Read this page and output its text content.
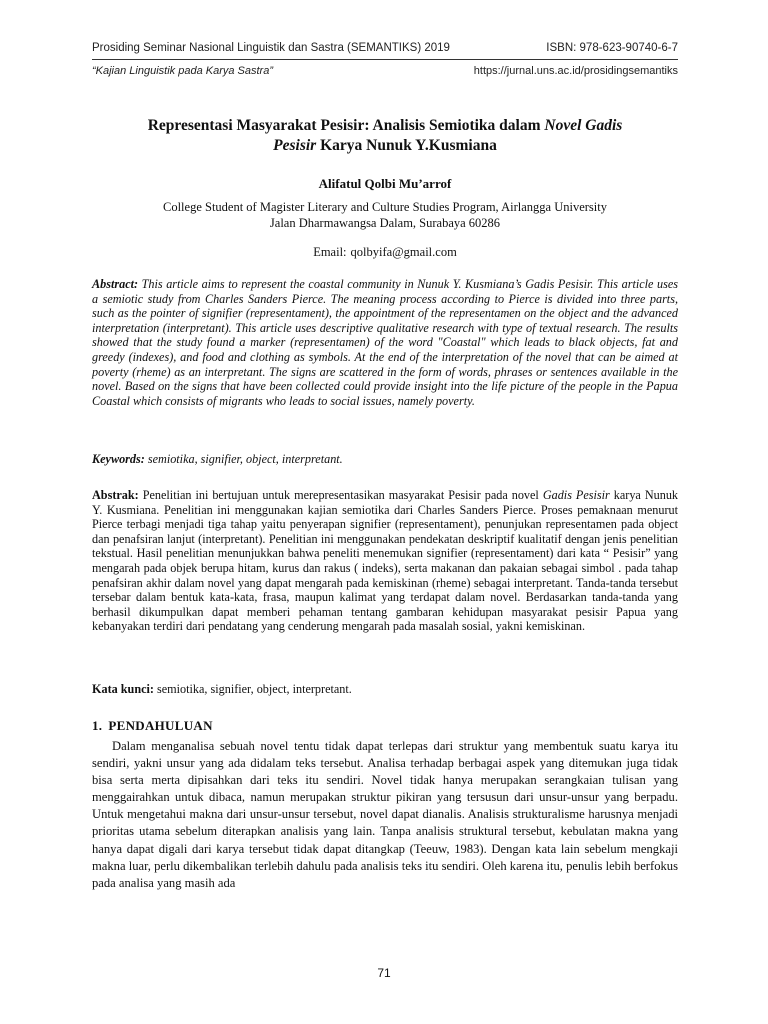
Prosiding Seminar Nasional Linguistik dan Sastra (SEMANTIKS) 2019	ISBN: 978-623-90740-6-7
“Kajian Linguistik pada Karya Sastra”	https://jurnal.uns.ac.id/prosidingsemantiks
Representasi Masyarakat Pesisir: Analisis Semiotika dalam Novel Gadis
Pesisir Karya Nunuk Y.Kusmiana
Alifatul Qolbi Mu’arrof
College Student of Magister Literary and Culture Studies Program, Airlangga University
Jalan Dharmawangsa Dalam, Surabaya 60286
Email: qolbyifa@gmail.com

Abstract: This article aims to represent the coastal community in Nunuk Y. Kusmiana’s Gadis Pesisir. This article uses a semiotic study from Charles Sanders Pierce. The meaning process according to Pierce is divided into three parts, such as the pointer of signifier (representament), the appointment of the representamen on the object and the advanced interpretation (interpretant). This article uses descriptive qualitative research with type of textual research. The results showed that the study found a marker (representamen) of the word "Coastal" which leads to black objects, fat and greedy (indexes), and food and clothing as symbols. At the end of the interpretation of the novel that can be aimed at poverty (rheme) as an interpretant. The signs are scattered in the form of words, phrases or sentences available in the novel. Based on the signs that have been collected could provide insight into the life picture of the people in the Papua Coastal which consists of migrants who leads to social issues, namely poverty.

Keywords: semiotika, signifier, object, interpretant.

Abstrak: Penelitian ini bertujuan untuk merepresentasikan masyarakat Pesisir pada novel Gadis Pesisir karya Nunuk Y. Kusmiana. Penelitian ini menggunakan kajian semiotika dari Charles Sanders Pierce. Proses pemaknaan menurut Pierce terbagi menjadi tiga tahap yaitu penyerapan signifier (representament), penunjukan representamen pada object dan penafsiran lanjut (interpretant). Penelitian ini menggunakan pendekatan deskriptif kualitatif dengan jenis penelitian tekstual. Hasil penelitian menunjukkan bahwa peneliti menemukan signifier (representament) dari kata “ Pesisir” yang mengarah pada objek berupa hitam, kurus dan rakus ( indeks), serta makanan dan pakaian sebagai simbol . pada tahap penafsiran akhir dalam novel yang dapat mengarah pada kemiskinan (rheme) sebagai interpretant. Tanda-tanda tersebut tersebar dalam bentuk kata-kata, frasa, maupun kalimat yang terdapat dalam novel. Berdasarkan tanda-tanda yang berhasil dikumpulkan dapat memberi pehaman tentang gambaran kehidupan masyarakat pesisir Papua yang kebanyakan terdiri dari pendatang yang cenderung mengarah pada masalah sosial, yakni kemiskinan.

Kata kunci: semiotika, signifier, object, interpretant.

1. PENDAHULUAN

Dalam menganalisa sebuah novel tentu tidak dapat terlepas dari struktur yang membentuk suatu karya itu sendiri, yakni unsur yang ada didalam teks tersebut. Analisa terhadap berbagai aspek yang ditemukan juga tidak bisa serta merta dipisahkan dari teks itu sendiri. Novel tidak hanya merupakan serangkaian tulisan yang menggairahkan untuk dibaca, namun merupakan struktur pikiran yang tersusun dari unsur-unsur yang berpadu. Untuk mengetahui makna dari unsur-unsur tersebut, novel dapat dianalis. Analisis strukturalisme harusnya menjadi prioritas utama sebelum diterapkan analisis yang lain. Tanpa analisis struktural tersebut, kebulatan makna yang hanya dapat digali dari karya tersebut tidak dapat ditangkap (Teeuw, 1983). Dengan kata lain sebelum mengkaji makna luar, perlu dikembalikan terlebih dahulu pada analisis teks itu sendiri. Oleh karena itu, penulis lebih berfokus pada analisa yang masih ada

71
